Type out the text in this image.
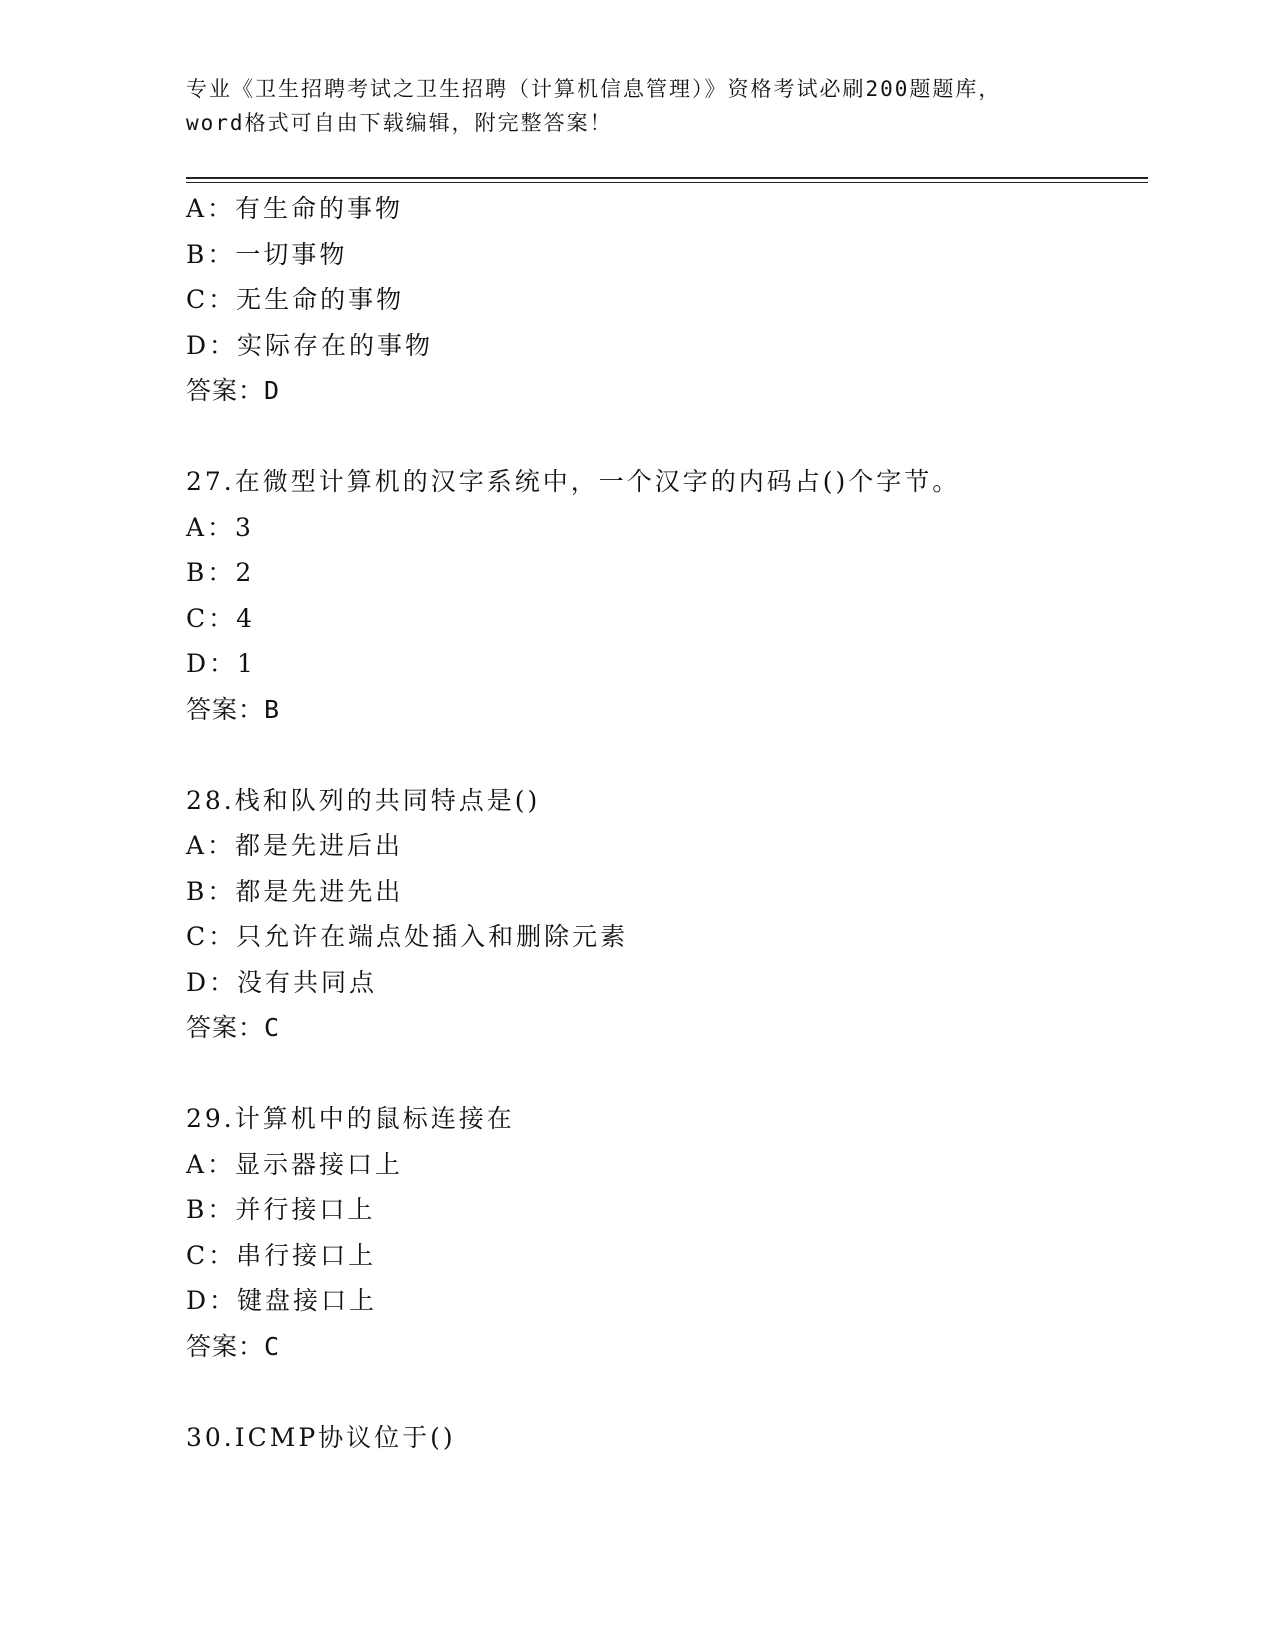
专业《卫生招聘考试之卫生招聘（计算机信息管理）》资格考试必刷200题题库，
word格式可自由下载编辑，附完整答案！
A：有生命的事物
B：一切事物
C：无生命的事物
D：实际存在的事物
答案：D
27.在微型计算机的汉字系统中，一个汉字的内码占()个字节。
A：3
B：2
C：4
D：1
答案：B
28.栈和队列的共同特点是()
A：都是先进后出
B：都是先进先出
C：只允许在端点处插入和删除元素
D：没有共同点
答案：C
29.计算机中的鼠标连接在
A：显示器接口上
B：并行接口上
C：串行接口上
D：键盘接口上
答案：C
30.ICMP协议位于()
